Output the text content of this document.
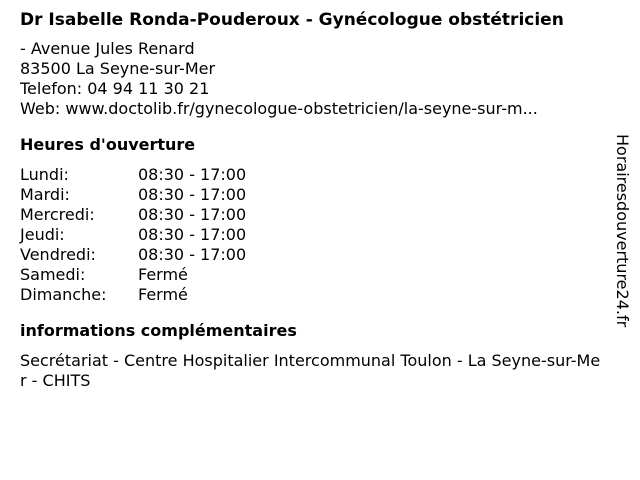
Dr Isabelle Ronda-Pouderoux - Gynécologue obstétricien
- Avenue Jules Renard
83500 La Seyne-sur-Mer
Telefon: 04 94 11 30 21
Web: www.doctolib.fr/gynecologue-obstetricien/la-seyne-sur-m...
Heures d'ouverture
Lundi:	08:30 - 17:00
Mardi:	08:30 - 17:00
Mercredi:	08:30 - 17:00
Jeudi:	08:30 - 17:00
Vendredi:	08:30 - 17:00
Samedi:	Fermé
Dimanche:	Fermé
informations complémentaires
Secrétariat - Centre Hospitalier Intercommunal Toulon - La Seyne-sur-Mer - CHITS
Horairesdouverture24.fr
